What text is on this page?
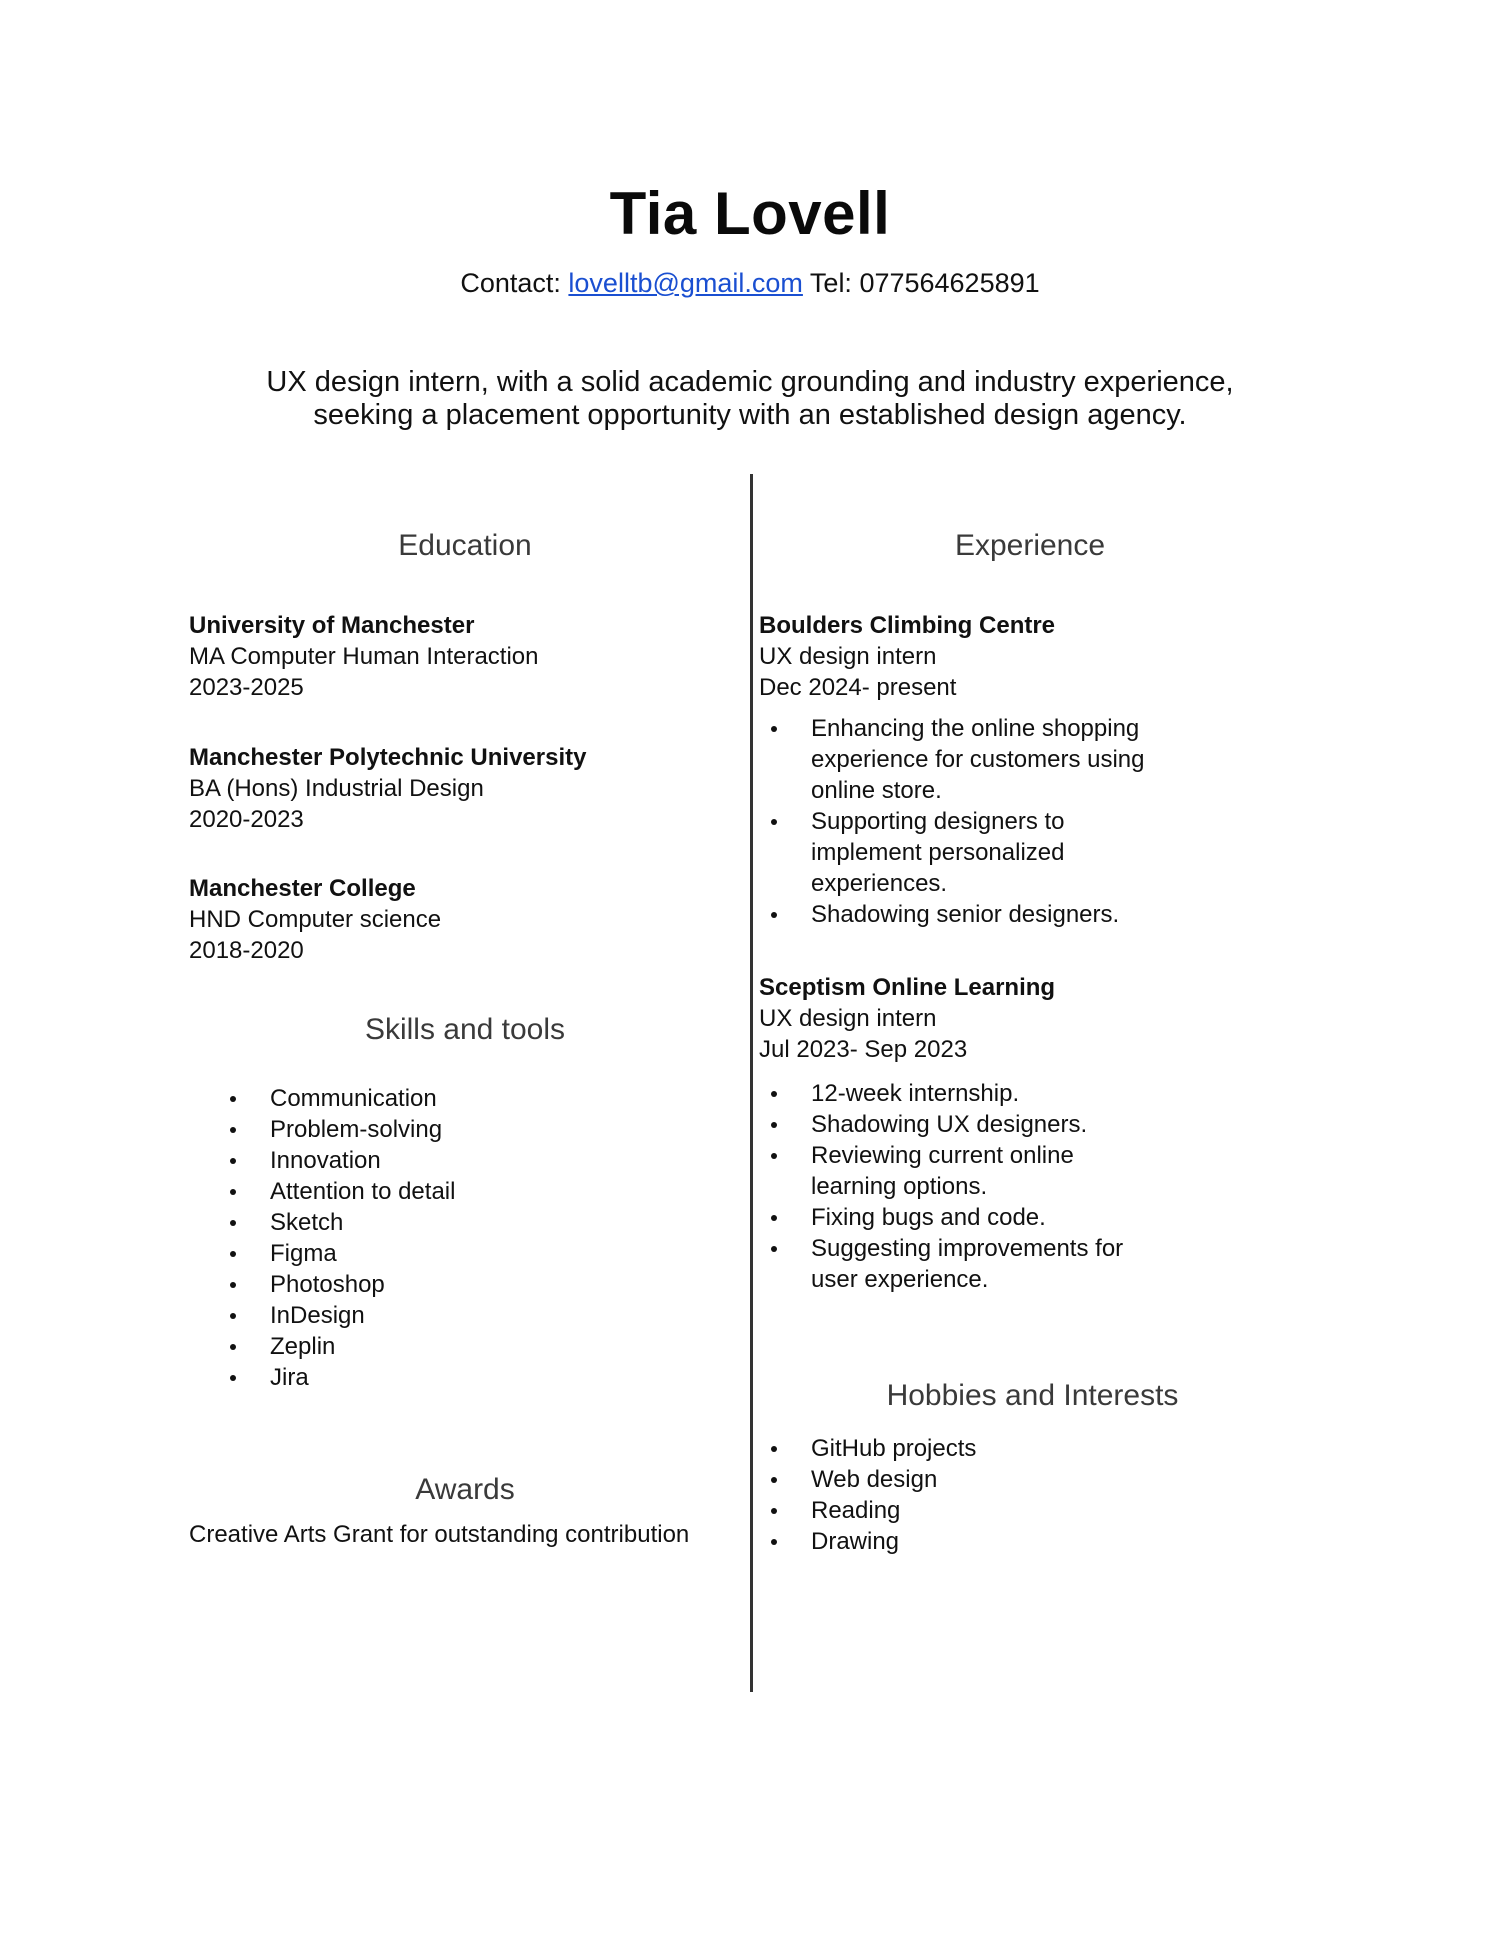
Tia Lovell
Contact: lovelltb@gmail.com Tel: 077564625891
UX design intern, with a solid academic grounding and industry experience,
seeking a placement opportunity with an established design agency.
Education
University of Manchester
MA Computer Human Interaction
2023-2025
Manchester Polytechnic University
BA (Hons) Industrial Design
2020-2023
Manchester College
HND Computer science
2018-2020
Skills and tools
Communication
Problem-solving
Innovation
Attention to detail
Sketch
Figma
Photoshop
InDesign
Zeplin
Jira
Awards
Creative Arts Grant for outstanding contribution
Experience
Boulders Climbing Centre
UX design intern
Dec 2024- present
Enhancing the online shopping
experience for customers using
online store.
Supporting designers to
implement personalized
experiences.
Shadowing senior designers.
Sceptism Online Learning
UX design intern
Jul 2023- Sep 2023
12-week internship.
Shadowing UX designers.
Reviewing current online
learning options.
Fixing bugs and code.
Suggesting improvements for
user experience.
Hobbies and Interests
GitHub projects
Web design
Reading
Drawing
